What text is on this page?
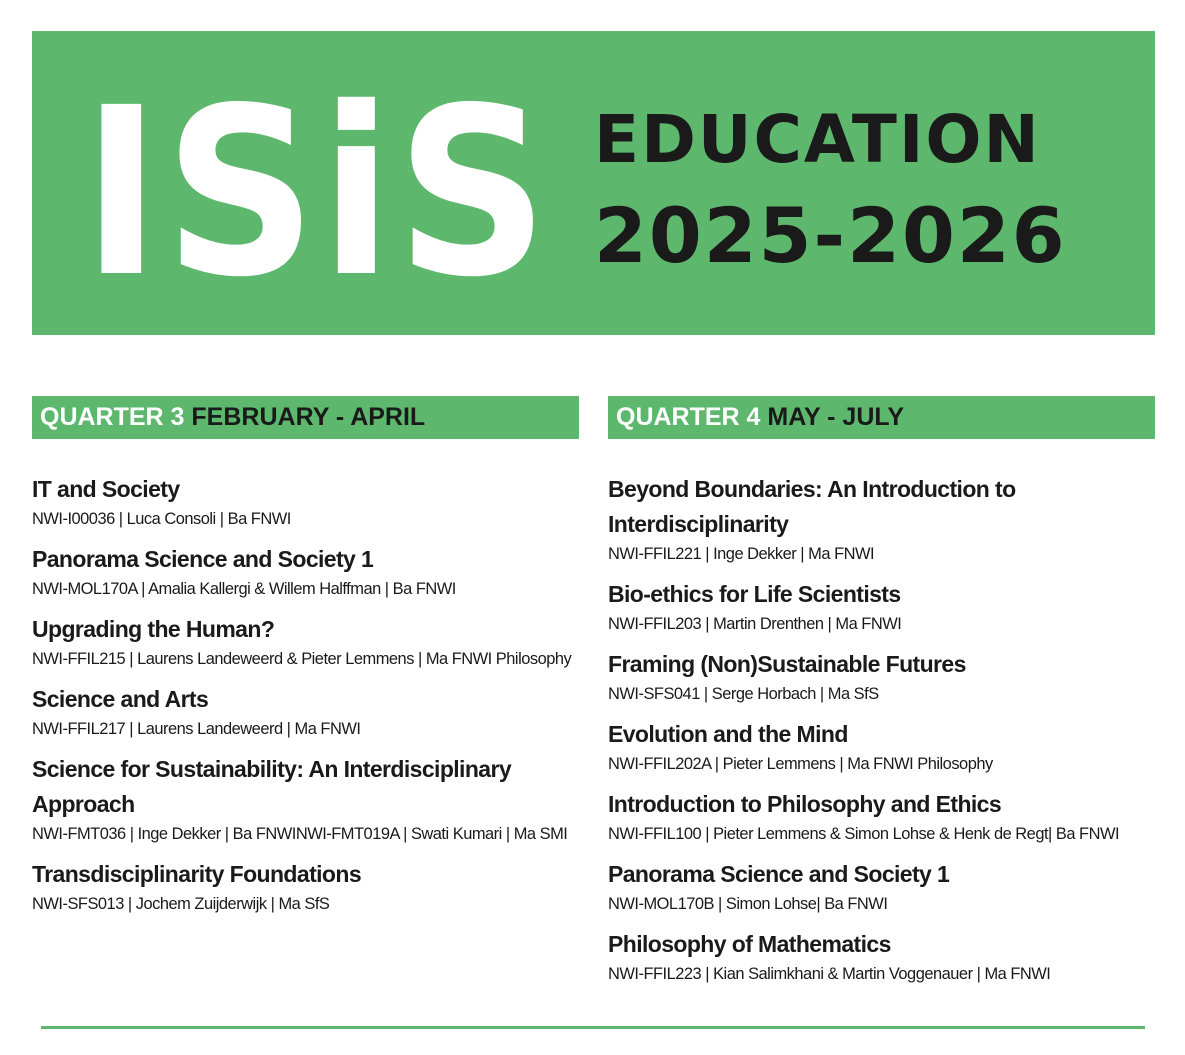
ISiS EDUCATION
2025-2026
QUARTER 3 FEBRUARY - APRIL
IT and Society
NWI-I00036 | Luca Consoli | Ba FNWI
Panorama Science and Society 1
NWI-MOL170A | Amalia Kallergi & Willem Halffman | Ba FNWI
Upgrading the Human?
NWI-FFIL215 | Laurens Landeweerd & Pieter Lemmens | Ma FNWI Philosophy
Science and Arts
NWI-FFIL217 | Laurens Landeweerd | Ma FNWI
Science for Sustainability: An Interdisciplinary Approach
NWI-FMT036 | Inge Dekker | Ba FNWINWI-FMT019A | Swati Kumari | Ma SMI
Transdisciplinarity Foundations
NWI-SFS013 | Jochem Zuijderwijk | Ma SfS
QUARTER 4 MAY - JULY
Beyond Boundaries: An Introduction to Interdisciplinarity
NWI-FFIL221 | Inge Dekker | Ma FNWI
Bio-ethics for Life Scientists
NWI-FFIL203 | Martin Drenthen | Ma FNWI
Framing (Non)Sustainable Futures
NWI-SFS041 | Serge Horbach | Ma SfS
Evolution and the Mind
NWI-FFIL202A | Pieter Lemmens | Ma FNWI Philosophy
Introduction to Philosophy and Ethics
NWI-FFIL100 | Pieter Lemmens & Simon Lohse & Henk de Regt| Ba FNWI
Panorama Science and Society 1
NWI-MOL170B | Simon Lohse| Ba FNWI
Philosophy of Mathematics
NWI-FFIL223 | Kian Salimkhani & Martin Voggenauer | Ma FNWI
